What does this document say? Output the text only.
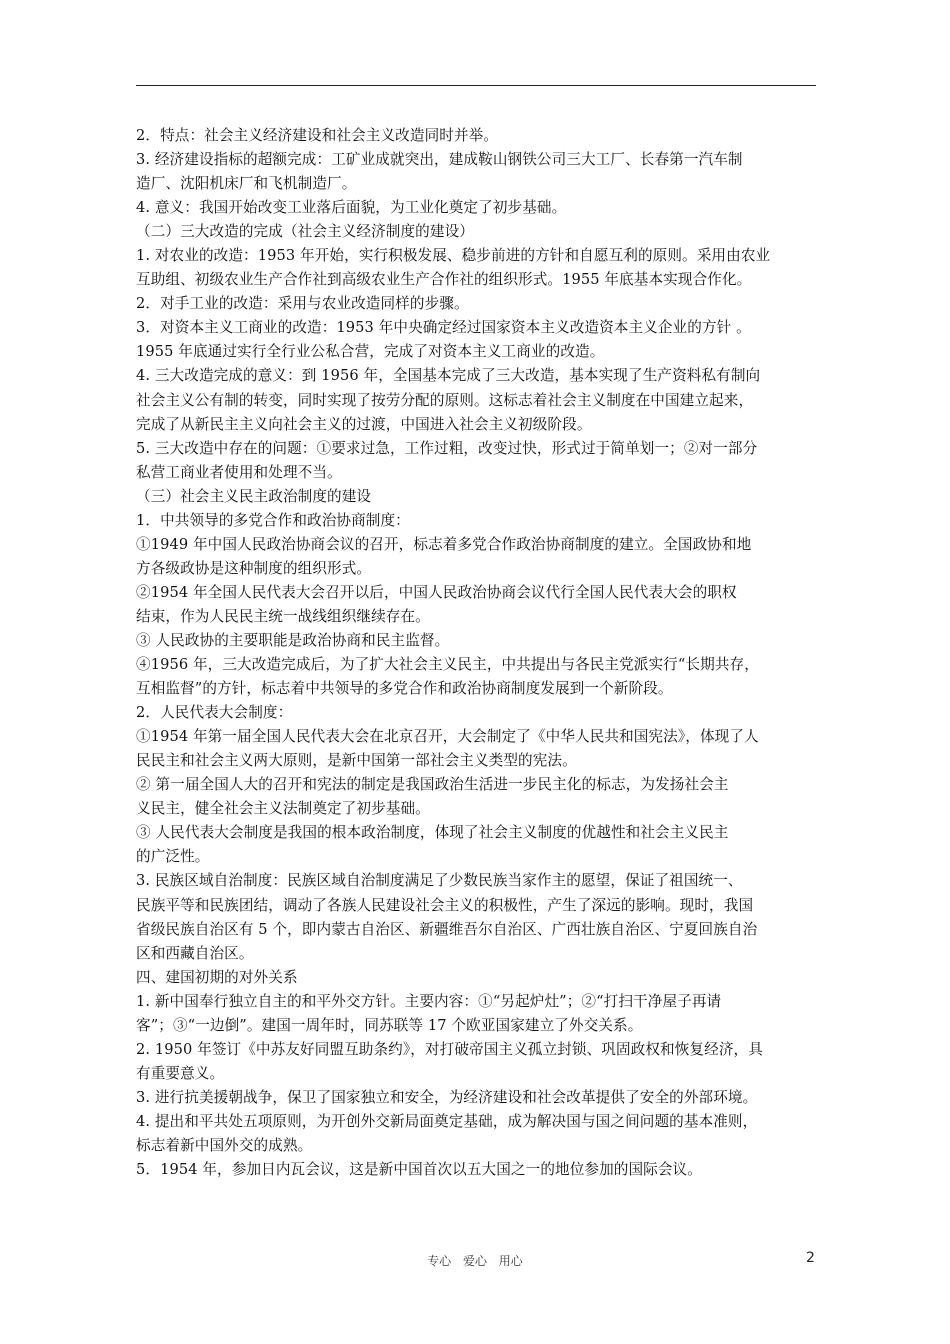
2．特点：社会主义经济建设和社会主义改造同时并举。

3. 经济建设指标的超额完成：工矿业成就突出，建成鞍山钢铁公司三大工厂、长春第一汽车制

造厂、沈阳机床厂和飞机制造厂。

4. 意义：我国开始改变工业落后面貌，为工业化奠定了初步基础。

（二）三大改造的完成（社会主义经济制度的建设）

1. 对农业的改造：1953 年开始，实行积极发展、稳步前进的方针和自愿互利的原则。采用由农业

互助组、初级农业生产合作社到高级农业生产合作社的组织形式。1955 年底基本实现合作化。

2．对手工业的改造：采用与农业改造同样的步骤。

3．对资本主义工商业的改造：1953 年中央确定经过国家资本主义改造资本主义企业的方针 。

1955 年底通过实行全行业公私合营，完成了对资本主义工商业的改造。

4. 三大改造完成的意义：到 1956 年，全国基本完成了三大改造，基本实现了生产资料私有制向

社会主义公有制的转变，同时实现了按劳分配的原则。这标志着社会主义制度在中国建立起来，

完成了从新民主主义向社会主义的过渡，中国进入社会主义初级阶段。

5. 三大改造中存在的问题：①要求过急，工作过粗，改变过快，形式过于简单划一；②对一部分

私营工商业者使用和处理不当。

（三）社会主义民主政治制度的建设

1．中共领导的多党合作和政治协商制度：

①1949 年中国人民政治协商会议的召开，标志着多党合作政治协商制度的建立。全国政协和地

方各级政协是这种制度的组织形式。

②1954 年全国人民代表大会召开以后，中国人民政治协商会议代行全国人民代表大会的职权

结束，作为人民民主统一战线组织继续存在。

③ 人民政协的主要职能是政治协商和民主监督。

④1956 年，三大改造完成后，为了扩大社会主义民主，中共提出与各民主党派实行“长期共存，

互相监督”的方针，标志着中共领导的多党合作和政治协商制度发展到一个新阶段。

2．人民代表大会制度：

①1954 年第一届全国人民代表大会在北京召开，大会制定了《中华人民共和国宪法》，体现了人

民民主和社会主义两大原则，是新中国第一部社会主义类型的宪法。

② 第一届全国人大的召开和宪法的制定是我国政治生活进一步民主化的标志，为发扬社会主

义民主，健全社会主义法制奠定了初步基础。

③ 人民代表大会制度是我国的根本政治制度，体现了社会主义制度的优越性和社会主义民主

的广泛性。

3. 民族区域自治制度：民族区域自治制度满足了少数民族当家作主的愿望，保证了祖国统一、

民族平等和民族团结，调动了各族人民建设社会主义的积极性，产生了深远的影响。现时，我国

省级民族自治区有 5 个，即内蒙古自治区、新疆维吾尔自治区、广西壮族自治区、宁夏回族自治

区和西藏自治区。

四、建国初期的对外关系

1. 新中国奉行独立自主的和平外交方针。主要内容：①“另起炉灶”；②“打扫干净屋子再请

客”；③“一边倒”。建国一周年时，同苏联等 17 个欧亚国家建立了外交关系。

2. 1950 年签订《中苏友好同盟互助条约》，对打破帝国主义孤立封锁、巩固政权和恢复经济，具

有重要意义。

3. 进行抗美援朝战争，保卫了国家独立和安全，为经济建设和社会改革提供了安全的外部环境。

4. 提出和平共处五项原则，为开创外交新局面奠定基础，成为解决国与国之间问题的基本准则，

标志着新中国外交的成熟。

5．1954 年，参加日内瓦会议，这是新中国首次以五大国之一的地位参加的国际会议。

专心 爱心 用心	2
